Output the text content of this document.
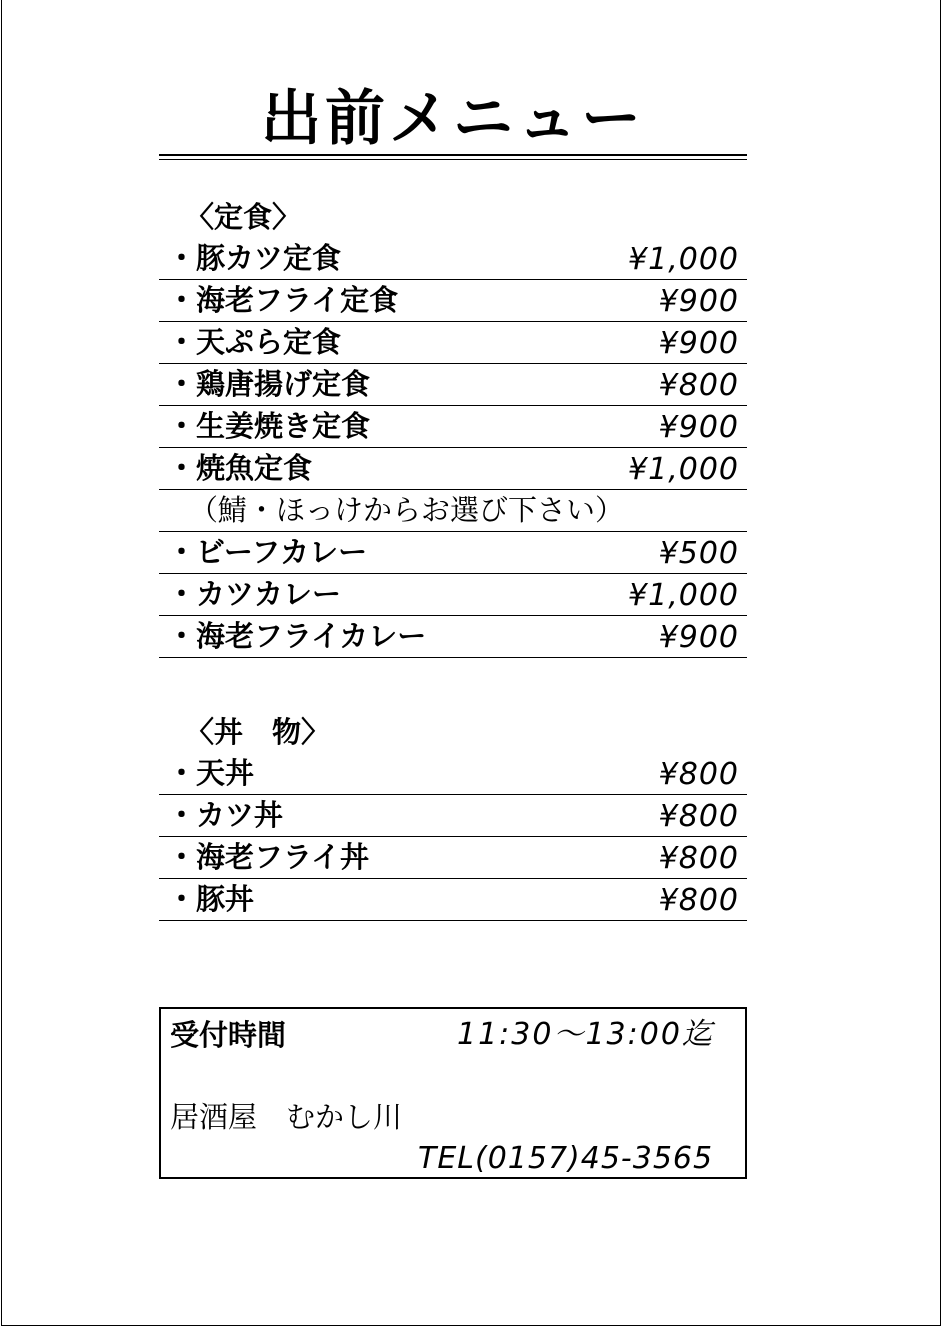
出前メニュー
〈定食〉
・豚カツ定食	¥1,000
・海老フライ定食	¥900
・天ぷら定食	¥900
・鶏唐揚げ定食	¥800
・生姜焼き定食	¥900
・焼魚定食	¥1,000
（鯖・ほっけからお選び下さい）
・ビーフカレー	¥500
・カツカレー	¥1,000
・海老フライカレー	¥900
〈丼　物〉
・天丼	¥800
・カツ丼	¥800
・海老フライ丼	¥800
・豚丼	¥800
受付時間	11:30～13:00迄
居酒屋　むかし川
TEL(0157)45-3565
